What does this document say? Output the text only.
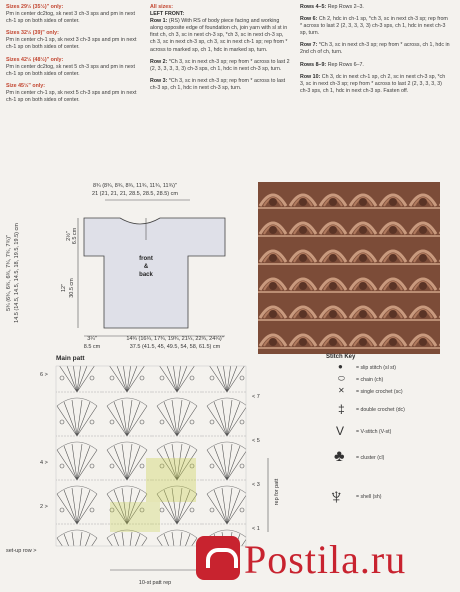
Sizes 29½ (35½)" only:
Pm in center dc2tog, sk next 3 ch-3 sps and pm in next ch-1 sp on both sides of center.
Sizes 32½ (39)" only:
Pm in center ch-1 sp, sk next 3 ch-3 sps and pm in next ch-1 sp on both sides of center.
Sizes 42½ (48½)" only:
Pm in center dc2tog, sk next 5 ch-3 sps and pm in next ch-1 sp on both sides of center.
Size 45½" only:
Pm in center ch-1 sp, sk next 5 ch-3 sps and pm in next ch-1 sp on both sides of center.
All sizes:
LEFT FRONT:
Row 1: (RS) With RS of body piece facing and working along opposite edge of foundation ch, join yarn with sl st in first ch, ch 3, sc in next ch-3 sp, *ch 3, sc in next ch-3 sp, ch 3, sc in next ch-3 sp, ch 3, sc in next ch-1 sp; rep from * across to marked sp, ch 1, hdc in marked sp, turn.
Row 2: *Ch 3, sc in next ch-3 sp; rep from * across to last 2 (2, 3, 3, 3, 3, 3) ch-3 sps, ch 1, hdc in next ch-3 sp, turn.
Row 3: *Ch 3, sc in next ch-3 sp; rep from * across to last ch-3 sp, ch 1, hdc in next ch-3 sp, turn.
Rows 4–5: Rep Rows 2–3.
Row 6: Ch 2, hdc in ch-1 sp, *ch 3, sc in next ch-3 sp; rep from * across to last 2 (2, 3, 3, 3, 3) ch-3 sps, ch 1, hdc in next ch-3 sp, turn.
Row 7: *Ch 3, sc in next ch-3 sp; rep from * across, ch 1, hdc in 2nd ch of ch, turn.
Rows 8–9: Rep Rows 6–7.
Row 10: Ch 3, dc in next ch-1 sp, ch 2, sc in next ch-3 sp, *ch 3, sc in next ch-3 sp; rep from * across to last 2 (2, 3, 3, 3, 3) ch-3 sps, ch 1, hdc in next ch-3 sp. Fasten off.
8¾ (8¾, 8¾, 8¾, 11¾, 11¾, 11¾)"
21 (21, 21, 21, 28.5, 28.5, 28.5) cm
front
&
back
2½" 6.5 cm
5¾ (6¾, 6¾, 6¾, 7¾, 7¾, 7¾)" 14.5 (14.5, 14.5, 14.5, 18, 19.5, 19.5) cm	12" 30.5 cm
3¼"
8.5 cm
14¾ (16¼, 17¾, 19¾, 21¼, 22¾, 24¼)"
37.5 (41.5, 45, 49.5, 54, 58, 61.5) cm
Main patt
6 >
4 >
2 >
< 7
< 5
< 3
< 1
rep for patt
set-up row >
10-st patt rep
Stitch Key
●	= slip stitch (sl st)
⬭ = chain (ch)
✕ = single crochet (sc)
‡ = double crochet (dc)
V = V-stitch (V-st)
♣ = cluster (cl)
♆ = shell (sh)
Postila.ru
